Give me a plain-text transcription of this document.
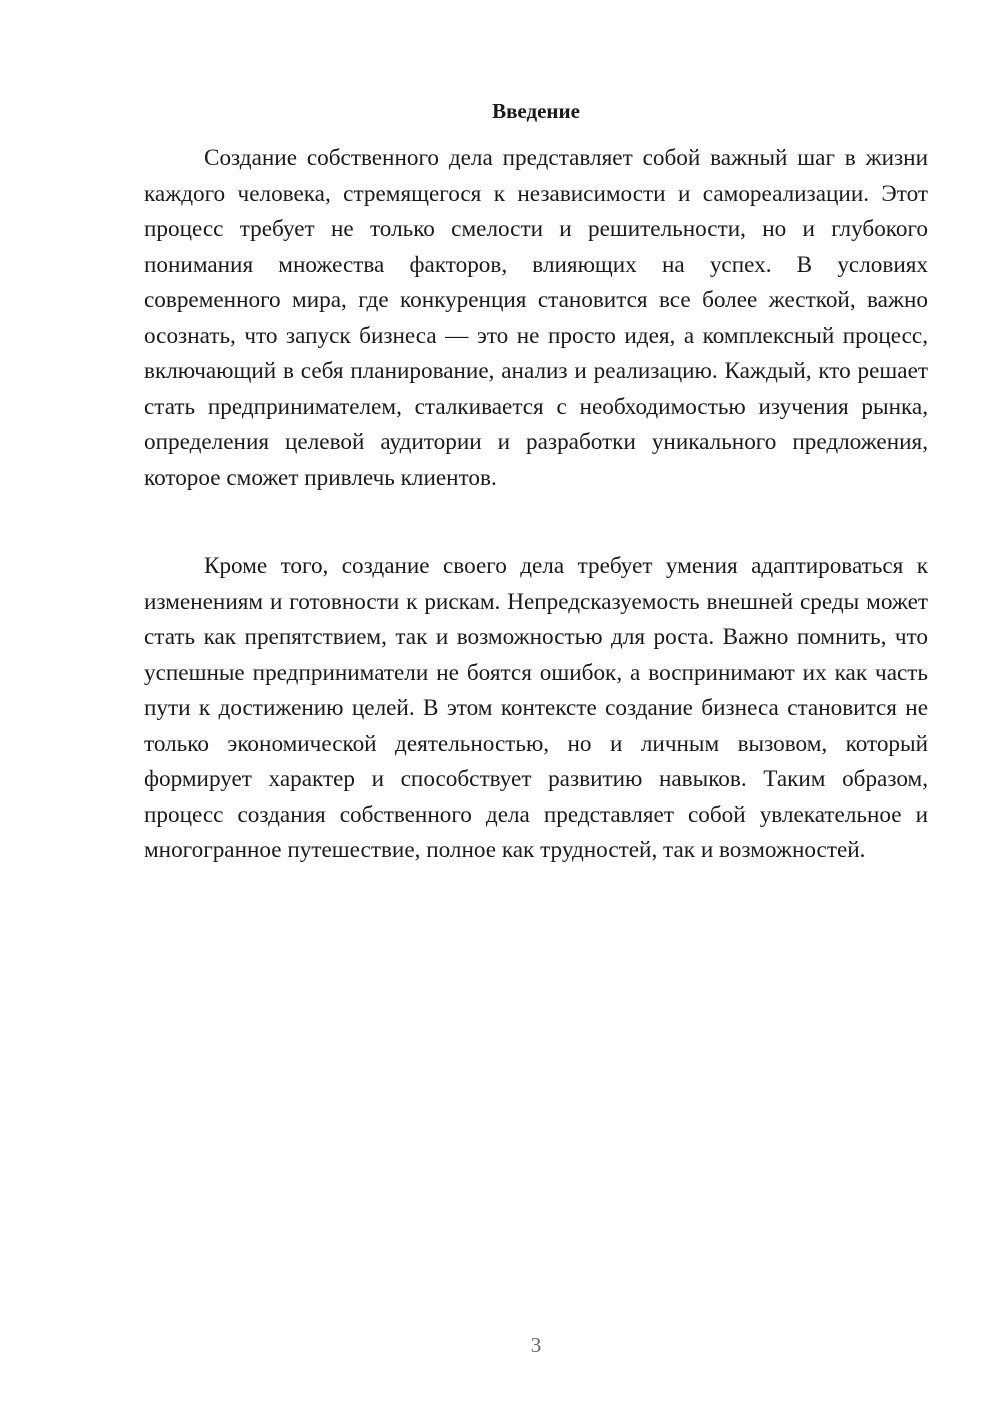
Введение

Создание собственного дела представляет собой важный шаг в жизни каждого человека, стремящегося к независимости и самореализации. Этот процесс требует не только смелости и решительности, но и глубокого понимания множества факторов, влияющих на успех. В условиях современного мира, где конкуренция становится все более жесткой, важно осознать, что запуск бизнеса — это не просто идея, а комплексный процесс, включающий в себя планирование, анализ и реализацию. Каждый, кто решает стать предпринимателем, сталкивается с необходимостью изучения рынка, определения целевой аудитории и разработки уникального предложения, которое сможет привлечь клиентов.

Кроме того, создание своего дела требует умения адаптироваться к изменениям и готовности к рискам. Непредсказуемость внешней среды может стать как препятствием, так и возможностью для роста. Важно помнить, что успешные предприниматели не боятся ошибок, а воспринимают их как часть пути к достижению целей. В этом контексте создание бизнеса становится не только экономической деятельностью, но и личным вызовом, который формирует характер и способствует развитию навыков. Таким образом, процесс создания собственного дела представляет собой увлекательное и многогранное путешествие, полное как трудностей, так и возможностей.

3
